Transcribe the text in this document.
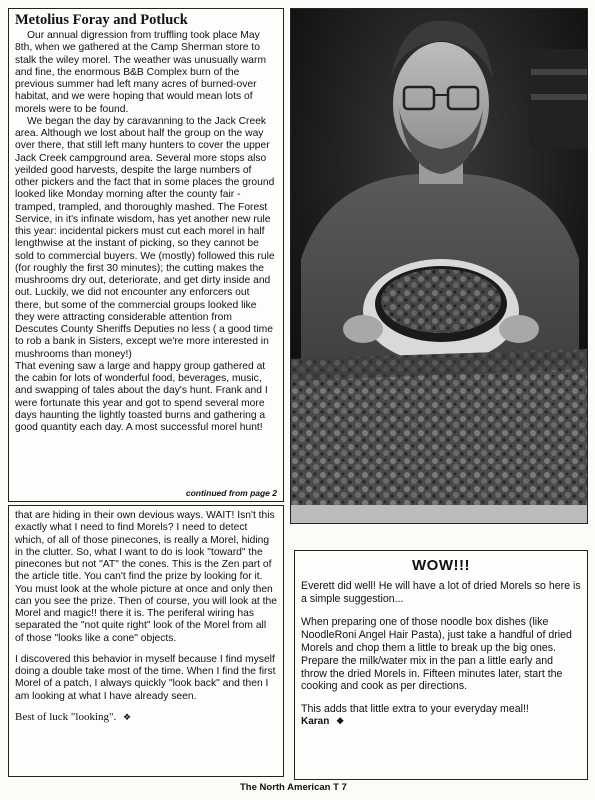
Metolius Foray and Potluck

Our annual digression from truffling took place May 8th, when we gathered at the Camp Sherman store to stalk the wiley morel. The weather was unusually warm and fine, the enormous B&B Complex burn of the previous summer had left many acres of burned-over habitat, and we were hoping that would mean lots of morels were to be found.

We began the day by caravanning to the Jack Creek area. Although we lost about half the group on the way over there, that still left many hunters to cover the upper Jack Creek campground area. Several more stops also yeilded good harvests, despite the large numbers of other pickers and the fact that in some places the ground looked like Monday morning after the county fair - tramped, trampled, and thoroughly mashed. The Forest Service, in it's infinate wisdom, has yet another new rule this year: incidental pickers must cut each morel in half lengthwise at the instant of picking, so they cannot be sold to commercial buyers. We (mostly) followed this rule (for roughly the first 30 minutes); the cutting makes the mushrooms dry out, deteriorate, and get dirty inside and out. Luckily, we did not encounter any enforcers out there, but some of the commercial groups looked like they were attracting considerable attention from Descutes County Sheriffs Deputies no less ( a good time to rob a bank in Sisters, except we're more interested in mushrooms than money!)

That evening saw a large and happy group gathered at the cabin for lots of wonderful food, beverages, music, and swapping of tales about the day's hunt. Frank and I were fortunate this year and got to spend several more days haunting the lightly toasted burns and gathering a good quantity each day. A most successful morel hunt!

continued from page 2

that are hiding in their own devious ways. WAIT! Isn't this exactly what I need to find Morels? I need to detect which, of all of those pinecones, is really a Morel, hiding in the clutter. So, what I want to do is look "toward" the pinecones but not "AT" the cones. This is the Zen part of the article title. You can't find the prize by looking for it. You must look at the whole picture at once and only then can you see the prize. Then of course, you will look at the Morel and magic!! there it is. The periferal wiring has separated the "not quite right" look of the Morel from all of those "looks like a cone" objects.

I discovered this behavior in myself because I find myself doing a double take most of the time. When I find the first Morel of a patch, I always quickly "look back" and then I am looking at what I have already seen.

Best of luck "looking". ❖
WOW!!!

Everett did well! He will have a lot of dried Morels so here is a simple suggestion...

When preparing one of those noodle box dishes (like NoodleRoni Angel Hair Pasta), just take a handful of dried Morels and chop them a little to break up the big ones. Prepare the milk/water mix in the pan a little early and throw the dried Morels in. Fifteen minutes later, start the cooking and cook as per directions.

This adds that little extra to your everyday meal!!

Karan ❖
The North American T 7
